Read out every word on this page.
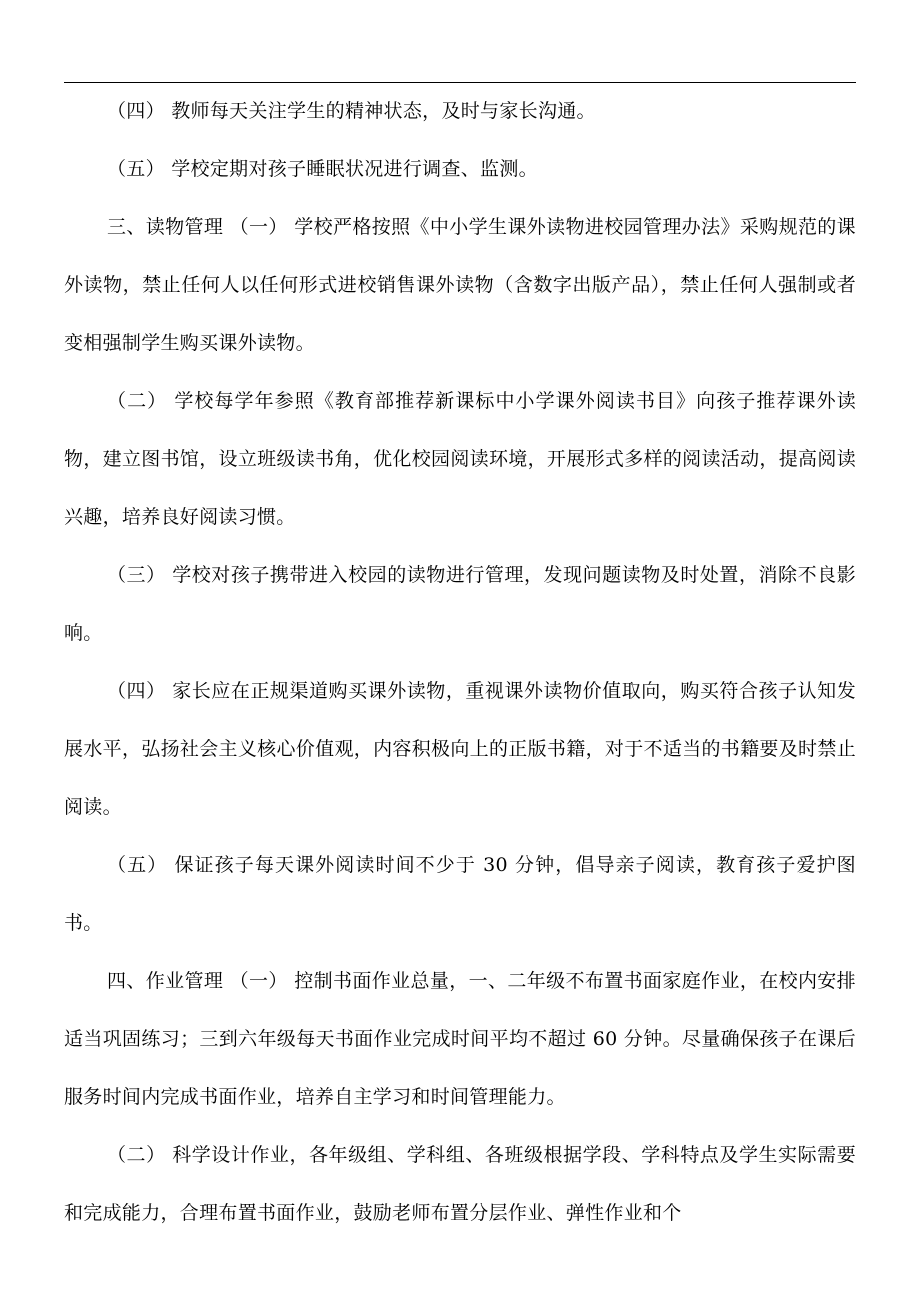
（四） 教师每天关注学生的精神状态，及时与家长沟通。

（五） 学校定期对孩子睡眠状况进行调查、监测。

三、读物管理 （一） 学校严格按照《中小学生课外读物进校园管理办法》采购规范的课外读物，禁止任何人以任何形式进校销售课外读物（含数字出版产品），禁止任何人强制或者变相强制学生购买课外读物。

（二） 学校每学年参照《教育部推荐新课标中小学课外阅读书目》向孩子推荐课外读物，建立图书馆，设立班级读书角，优化校园阅读环境，开展形式多样的阅读活动，提高阅读兴趣，培养良好阅读习惯。

（三） 学校对孩子携带进入校园的读物进行管理，发现问题读物及时处置，消除不良影响。

（四） 家长应在正规渠道购买课外读物，重视课外读物价值取向，购买符合孩子认知发展水平，弘扬社会主义核心价值观，内容积极向上的正版书籍，对于不适当的书籍要及时禁止阅读。

（五） 保证孩子每天课外阅读时间不少于 30 分钟，倡导亲子阅读，教育孩子爱护图书。

四、作业管理 （一） 控制书面作业总量，一、二年级不布置书面家庭作业，在校内安排适当巩固练习；三到六年级每天书面作业完成时间平均不超过 60 分钟。尽量确保孩子在课后服务时间内完成书面作业，培养自主学习和时间管理能力。

（二） 科学设计作业，各年级组、学科组、各班级根据学段、学科特点及学生实际需要和完成能力，合理布置书面作业，鼓励老师布置分层作业、弹性作业和个
